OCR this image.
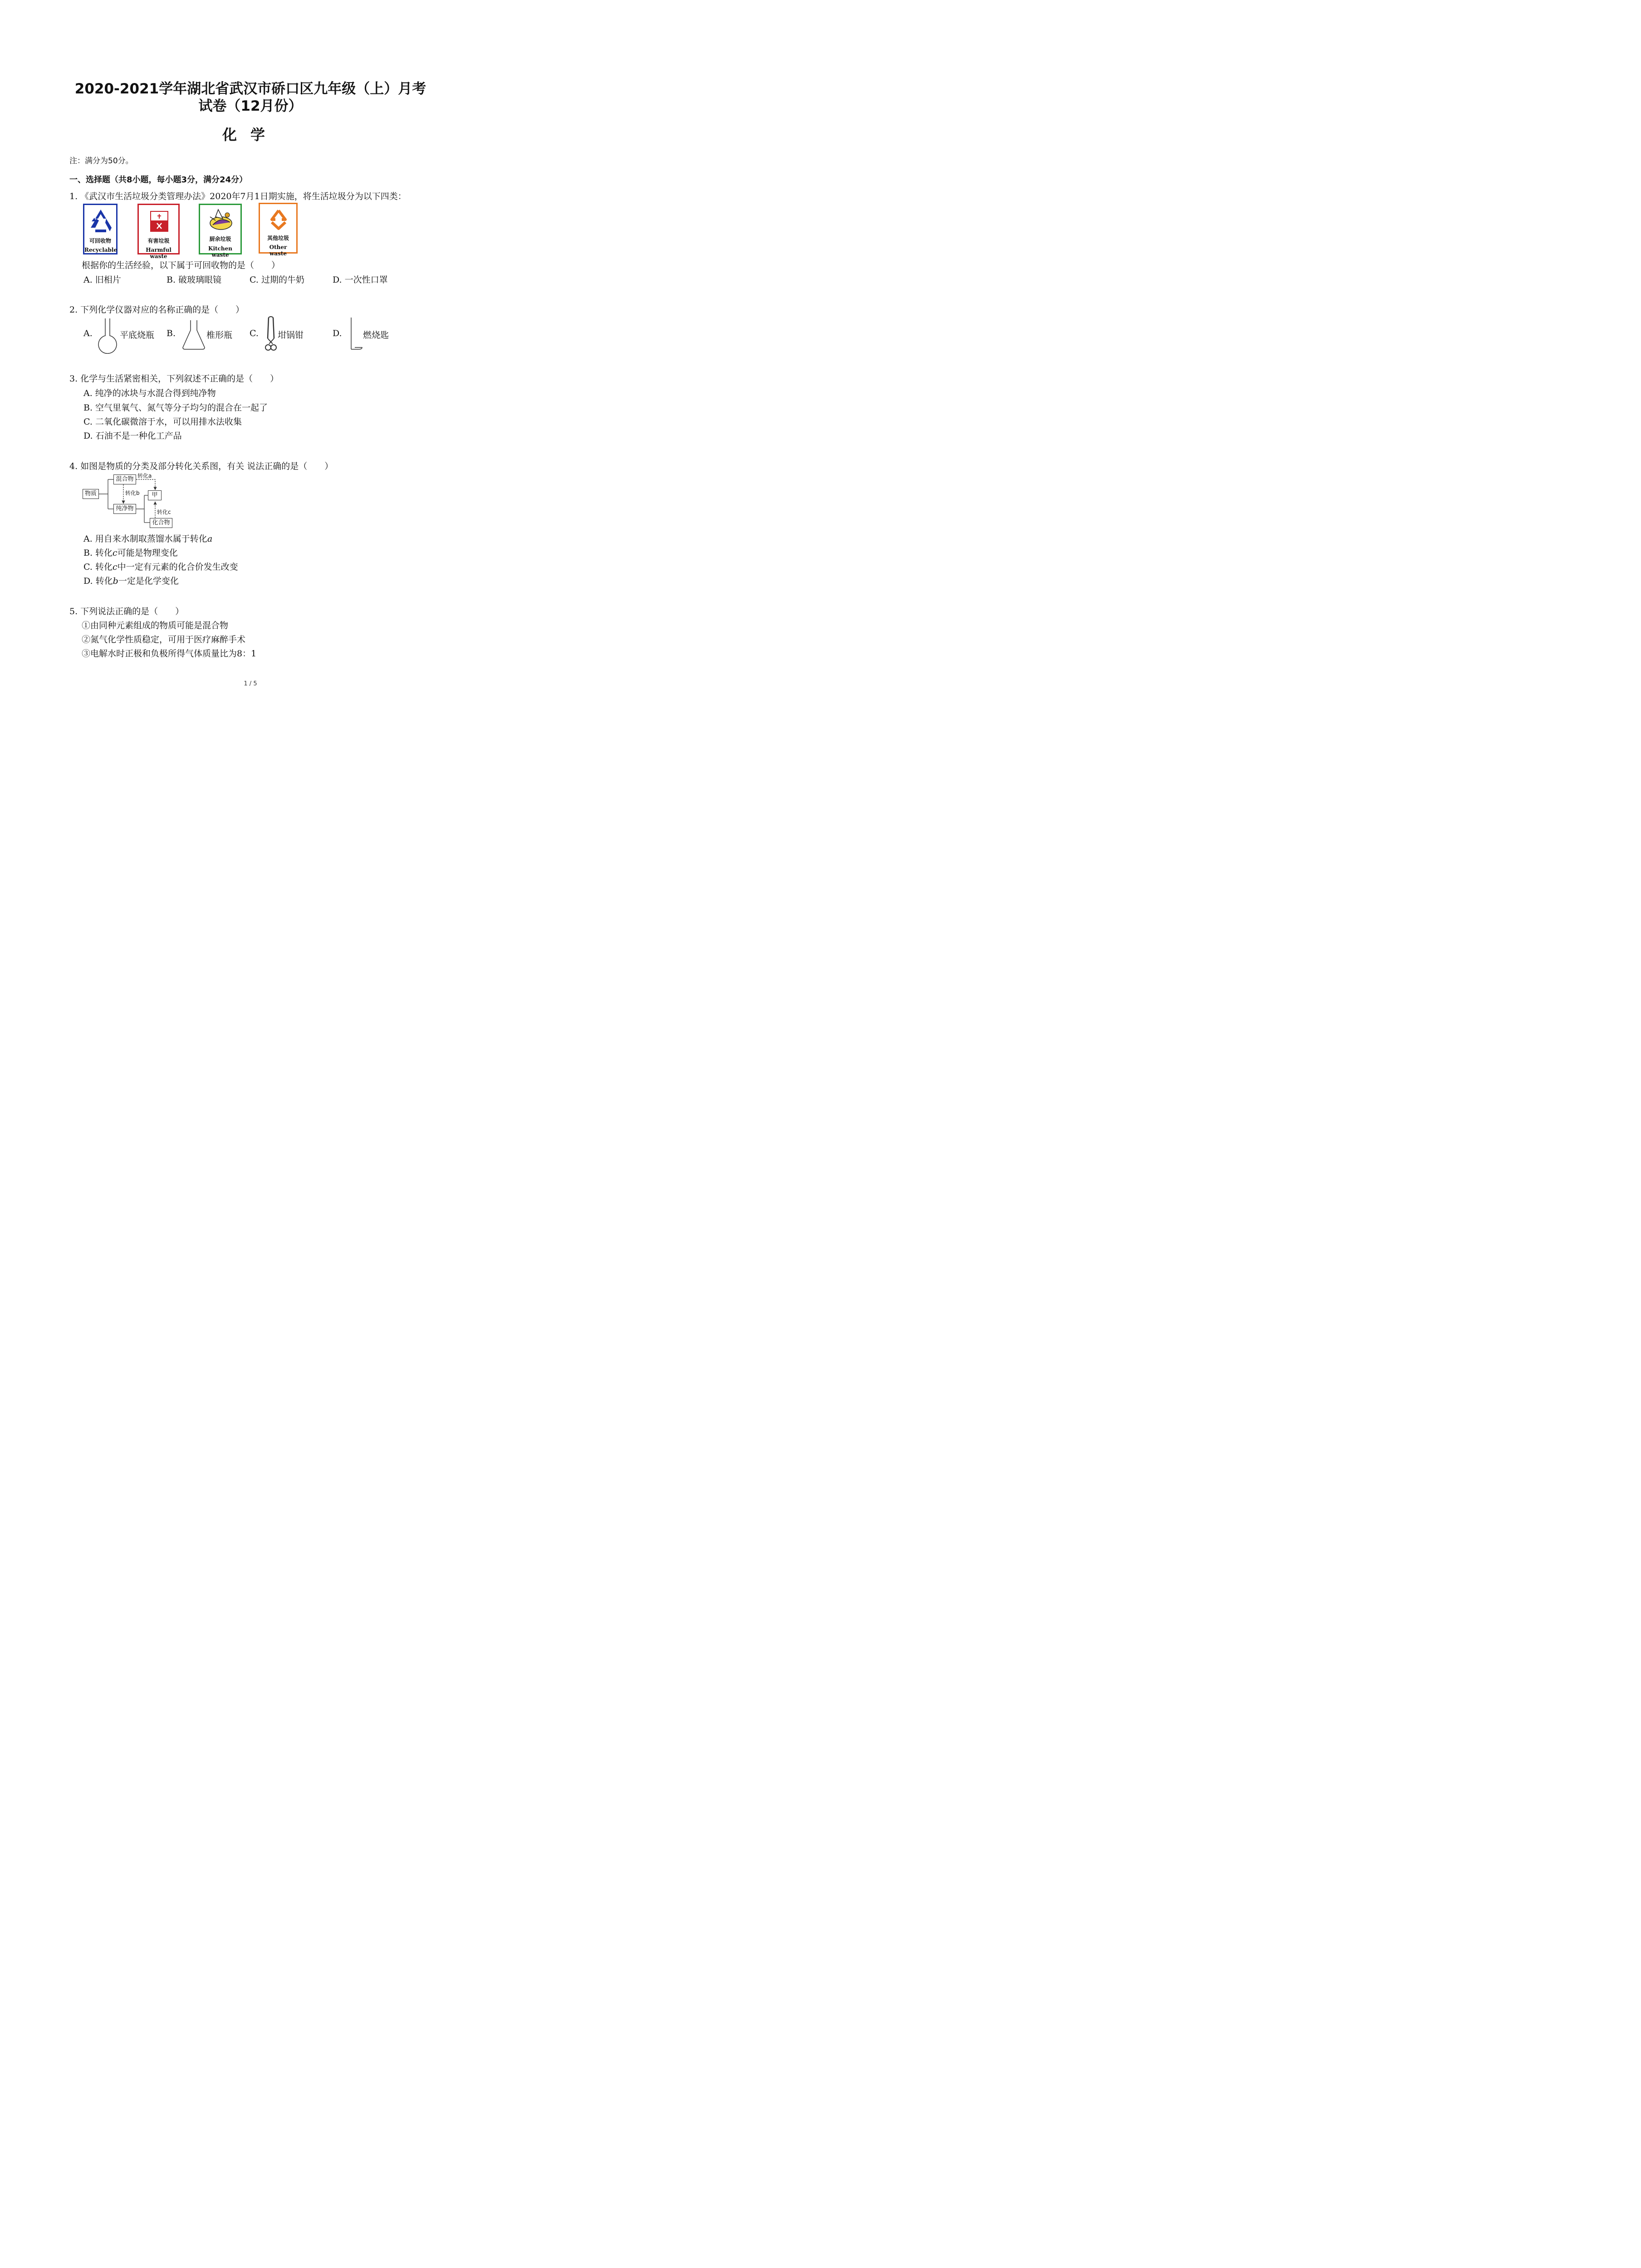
2020-2021学年湖北省武汉市硚口区九年级（上）月考
试卷（12月份）
化学
注：满分为50分。
一、选择题（共8小题，每小题3分，满分24分）
1. 《武汉市生活垃圾分类管理办法》2020年7月1日期实施，将生活垃圾分为以下四类：
可回收物
Recyclable
有害垃圾
Harmful waste
厨余垃圾
Kitchen waste
其他垃圾
Other waste
根据你的生活经验，以下属于可回收物的是（　　）
A. 旧相片	B. 破玻璃眼镜	C. 过期的牛奶	D. 一次性口罩
2. 下列化学仪器对应的名称正确的是（　　）
A.	平底烧瓶 B.	椎形瓶 C. 坩锅钳	D. 燃烧匙
3. 化学与生活紧密相关，下列叙述不正确的是（　　）
A. 纯净的冰块与水混合得到纯净物
B. 空气里氧气、氮气等分子均匀的混合在一起了
C. 二氧化碳微溶于水，可以用排水法收集
D. 石油不是一种化工产品
4. 如图是物质的分类及部分转化关系图，有关 说法正确的是（　　）
物质
混合物
纯净物
甲
化合物
转化a
转化b
转化c
A. 用自来水制取蒸馏水属于转化a
B. 转化c可能是物理变化
C. 转化c中一定有元素的化合价发生改变
D. 转化b一定是化学变化
5. 下列说法正确的是（　　）
①由同种元素组成的物质可能是混合物
②氮气化学性质稳定，可用于医疗麻醉手术
③电解水时正极和负极所得气体质量比为8：1
1 / 5
